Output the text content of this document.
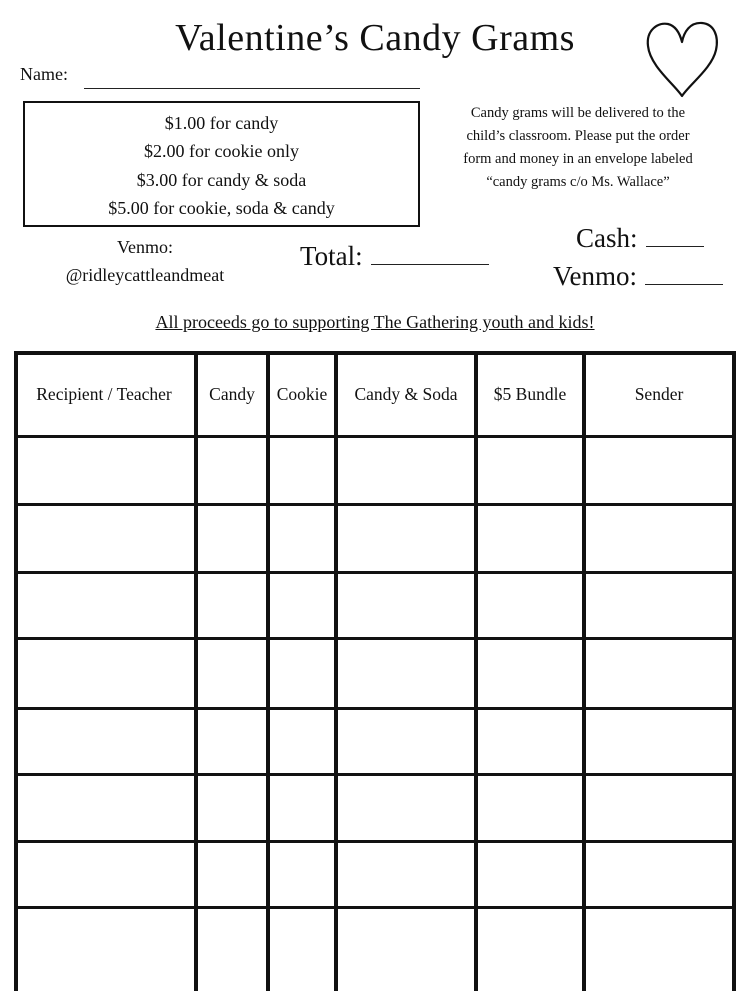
Valentine’s Candy Grams
Name:
$1.00 for candy
$2.00 for cookie only
$3.00 for candy & soda
$5.00 for cookie, soda & candy
Candy grams will be delivered to the
child’s classroom. Please put the order
form and money in an envelope labeled
“candy grams c/o Ms. Wallace”
Venmo:
@ridleycattleandmeat
Total:
Cash:
Venmo:
All proceeds go to supporting The Gathering youth and kids!
Recipient / Teacher	Candy	Cookie	Candy & Soda	$5 Bundle	Sender
